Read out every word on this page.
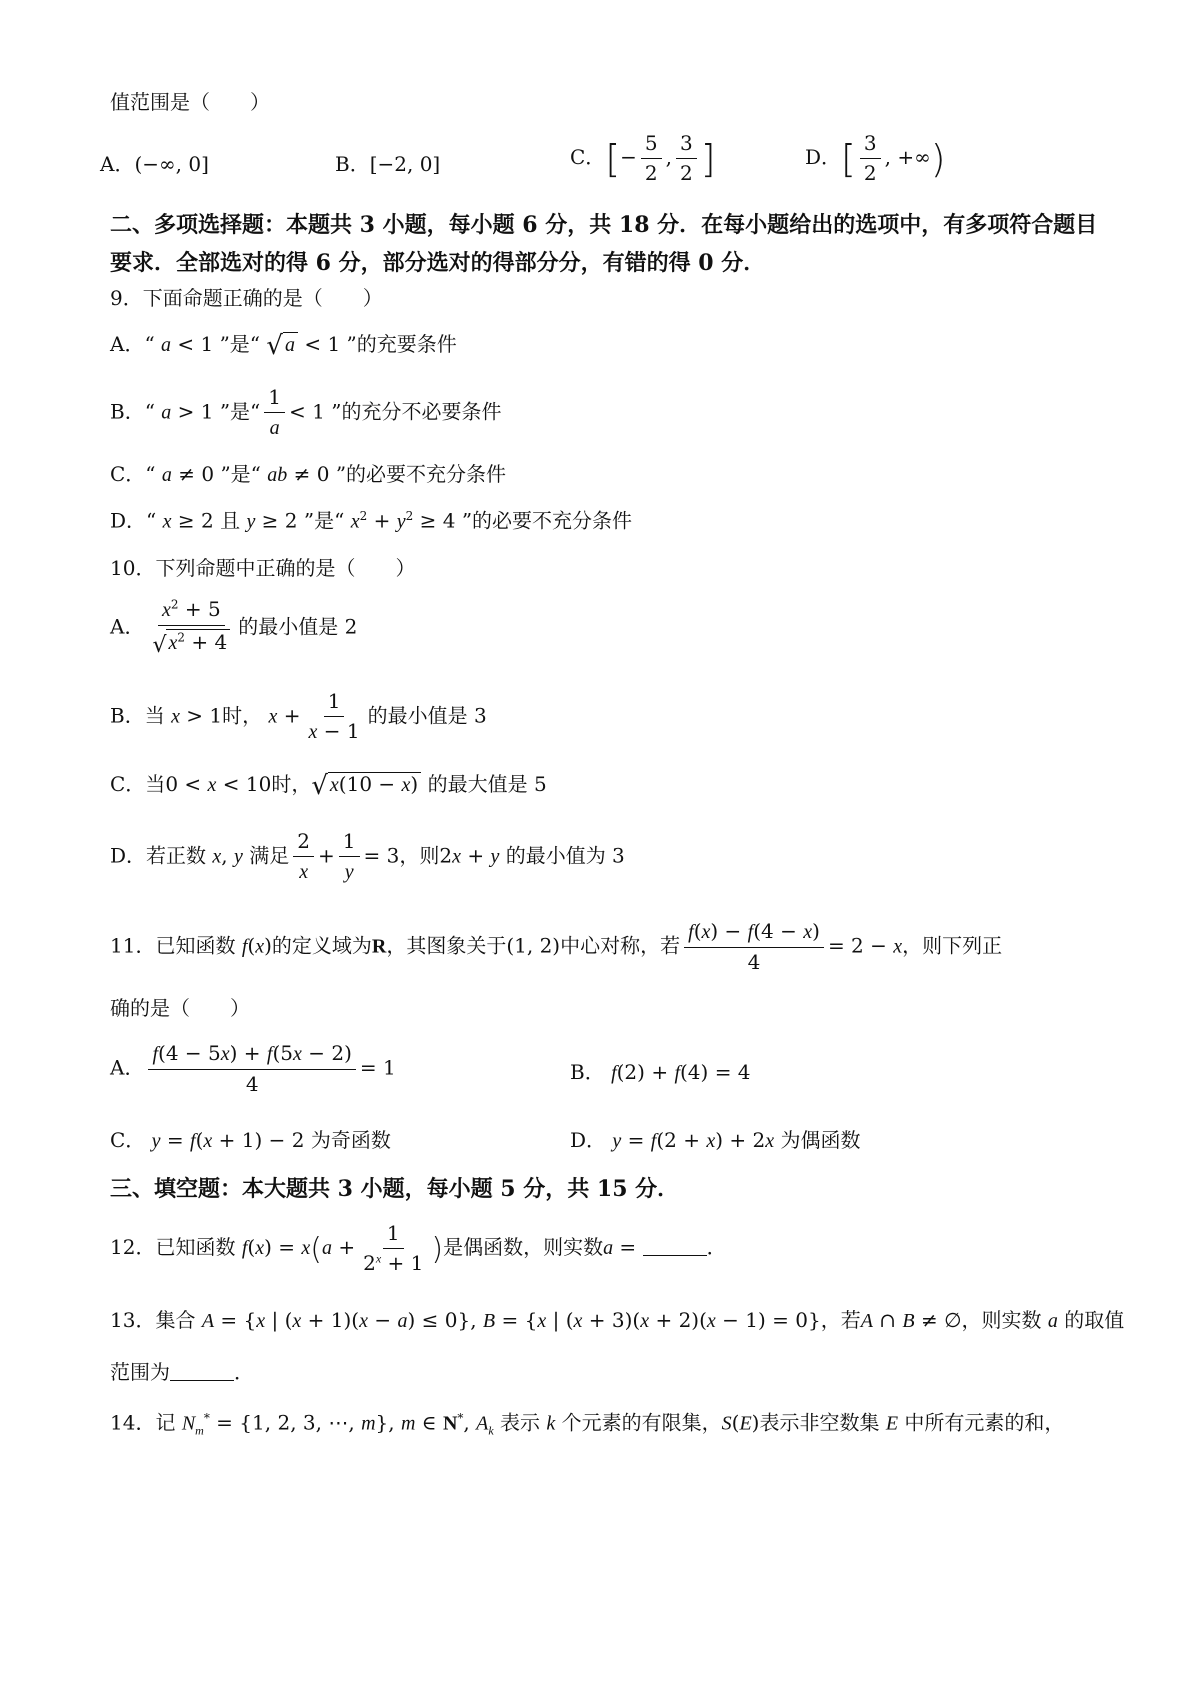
值范围是（　　）
A．(−∞, 0]	B．[−2, 0]	C．[− $\frac{5}{2}$ , $\frac{3}{2}$ ]	D．[ $\frac{3}{2}$ , +∞)
二、多项选择题：本题共 3 小题，每小题 6 分，共 18 分．在每小题给出的选项中，有多项符合题目要求．全部选对的得 6 分，部分选对的得部分分，有错的得 0 分．
9．下面命题正确的是（　　）
A．“ a < 1 ”是“ √ a < 1 ”的充要条件
B．“ a > 1 ”是“ $\frac{1}{a} < 1$ ”的充分不必要条件
C．“ a ≠ 0 ”是“ ab ≠ 0 ”的必要不充分条件
D．“ x ≥ 2 且 y ≥ 2 ”是“ $x^2 + y^2 \ge 4$ ”的必要不充分条件
10．下列命题中正确的是（　　）
A． $\frac{x^2 + 5}{√ x^2 + 4}$ 的最小值是 2
B．当 x > 1时， $x + \frac{1}{x - 1}$ 的最小值是 3
C．当0 < x < 10时，√ x(10 − x) 的最大值是 5
D．若正数 x, y 满足 $\frac{2}{x} + \frac{1}{y} = 3$，则2x + y 的最小值为 3
11．已知函数 f(x)的定义域为R，其图象关于(1, 2)中心对称，若 $\frac{f(x) - f(4 - x)}{4} = 2 - x$，则下列正
确的是（　　）
A． $\frac{f(4 - 5x) + f(5x - 2)}{4} = 1$	B． f(2) + f(4) = 4
C． y = f(x + 1) − 2 为奇函数	D． y = f(2 + x) + 2x 为偶函数
三、填空题：本大题共 3 小题，每小题 5 分，共 15 分．
12．已知函数 $f(x) = x(a + \frac{1}{2^x + 1}$ )是偶函数，则实数a =	．
13．集合 A = {x | (x + 1)(x − a) ≤ 0}, B = {x | (x + 3)(x + 2)(x − 1) = 0}，若A ∩ B ≠ ∅，则实数 a 的取值
范围为	．
14．记 $N_m^* = \{1$, 2, 3, ⋯, m}, m ∈ N*, $A_k$ 表示 k 个元素的有限集，S(E)表示非空数集 E 中所有元素的和，
